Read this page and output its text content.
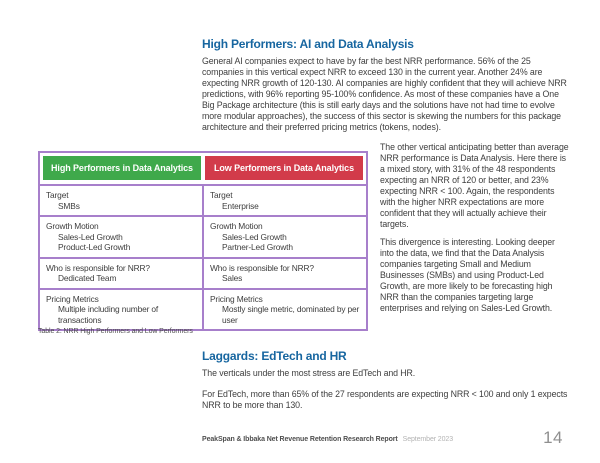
High Performers: AI and Data Analysis
General AI companies expect to have by far the best NRR performance. 56% of the 25 companies in this vertical expect NRR to exceed 130 in the current year. Another 24% are expecting NRR growth of 120-130. AI companies are highly confident that they will achieve NRR predictions, with 96% reporting 95-100% confidence. As most of these companies have a One Big Package architecture (this is still early days and the solutions have not had time to evolve more modular approaches), the success of this sector is skewing the numbers for this package architecture and their preferred pricing metrics (tokens, nodes).
High Performers in Data Analytics	Low Performers in Data Analytics
Target
SMBs
Target
Enterprise
Growth Motion
Sales-Led Growth
Product-Led Growth
Growth Motion
Sales-Led Growth
Partner-Led Growth
Who is responsible for NRR?
Dedicated Team
Who is responsible for NRR?
Sales
Pricing Metrics
Multiple including number of transactions
Pricing Metrics
Mostly single metric, dominated by per user
Table 2: NRR High Performers and Low Performers

The other vertical anticipating better than average NRR performance is Data Analysis. Here there is a mixed story, with 31% of the 48 respondents expecting an NRR of 120 or better, and 23% expecting NRR < 100. Again, the respondents with the higher NRR expectations are more confident that they will actually achieve their targets.

This divergence is interesting. Looking deeper into the data, we find that the Data Analysis companies targeting Small and Medium Businesses (SMBs) and using Product-Led Growth, are more likely to be forecasting high NRR than the companies targeting large enterprises and relying on Sales-Led Growth.

Laggards: EdTech and HR

The verticals under the most stress are EdTech and HR.

For EdTech, more than 65% of the 27 respondents are expecting NRR < 100 and only 1 expects NRR to be more than 130.

PeakSpan & Ibbaka Net Revenue Retention Research Report September 2023	14
